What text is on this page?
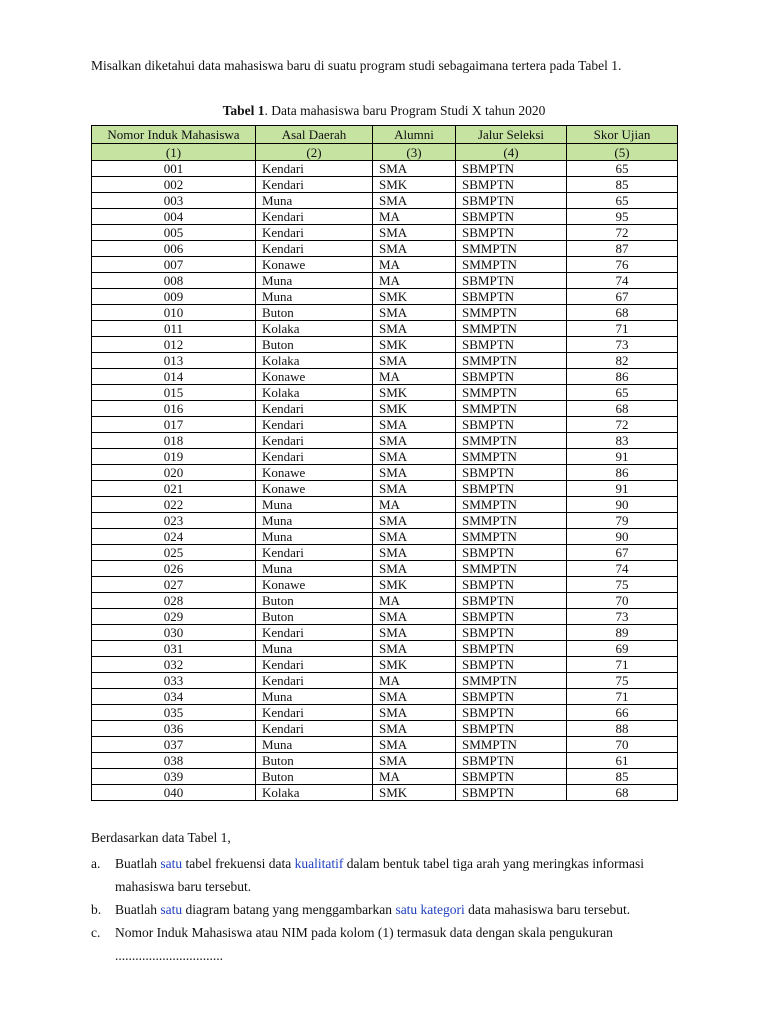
Misalkan diketahui data mahasiswa baru di suatu program studi sebagaimana tertera pada Tabel 1.

Tabel 1. Data mahasiswa baru Program Studi X tahun 2020

Nomor Induk Mahasiswa	Asal Daerah	Alumni	Jalur Seleksi	Skor Ujian
(1)	(2)	(3)	(4)	(5)
001	Kendari	SMA	SBMPTN	65
002	Kendari	SMK	SBMPTN	85
003	Muna	SMA	SBMPTN	65
004	Kendari	MA	SBMPTN	95
005	Kendari	SMA	SBMPTN	72
006	Kendari	SMA	SMMPTN	87
007	Konawe	MA	SMMPTN	76
008	Muna	MA	SBMPTN	74
009	Muna	SMK	SBMPTN	67
010	Buton	SMA	SMMPTN	68
011	Kolaka	SMA	SMMPTN	71
012	Buton	SMK	SBMPTN	73
013	Kolaka	SMA	SMMPTN	82
014	Konawe	MA	SBMPTN	86
015	Kolaka	SMK	SMMPTN	65
016	Kendari	SMK	SMMPTN	68
017	Kendari	SMA	SBMPTN	72
018	Kendari	SMA	SMMPTN	83
019	Kendari	SMA	SMMPTN	91
020	Konawe	SMA	SBMPTN	86
021	Konawe	SMA	SBMPTN	91
022	Muna	MA	SMMPTN	90
023	Muna	SMA	SMMPTN	79
024	Muna	SMA	SMMPTN	90
025	Kendari	SMA	SBMPTN	67
026	Muna	SMA	SMMPTN	74
027	Konawe	SMK	SBMPTN	75
028	Buton	MA	SBMPTN	70
029	Buton	SMA	SBMPTN	73
030	Kendari	SMA	SBMPTN	89
031	Muna	SMA	SBMPTN	69
032	Kendari	SMK	SBMPTN	71
033	Kendari	MA	SMMPTN	75
034	Muna	SMA	SBMPTN	71
035	Kendari	SMA	SBMPTN	66
036	Kendari	SMA	SBMPTN	88
037	Muna	SMA	SMMPTN	70
038	Buton	SMA	SBMPTN	61
039	Buton	MA	SBMPTN	85
040	Kolaka	SMK	SBMPTN	68

Berdasarkan data Tabel 1,

a. Buatlah satu tabel frekuensi data kualitatif dalam bentuk tabel tiga arah yang meringkas informasi mahasiswa baru tersebut.
b. Buatlah satu diagram batang yang menggambarkan satu kategori data mahasiswa baru tersebut.
c. Nomor Induk Mahasiswa atau NIM pada kolom (1) termasuk data dengan skala pengukuran
................................
